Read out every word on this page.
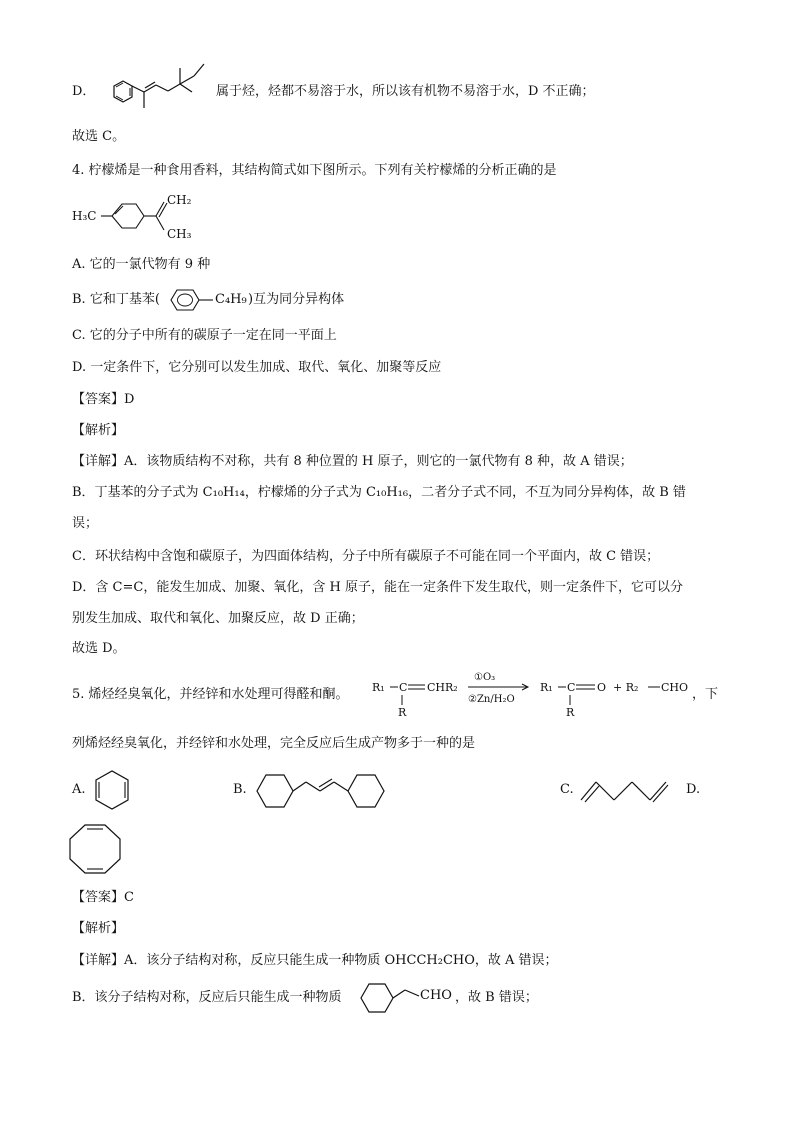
D．	属于烃，烃都不易溶于水，所以该有机物不易溶于水，D 不正确；
故选 C。
4. 柠檬烯是一种食用香料，其结构简式如下图所示。下列有关柠檬烯的分析正确的是
H₃C
CH₂
CH₃
A. 它的一氯代物有 9 种
B. 它和丁基苯(	C₄H₉ )互为同分异构体
C. 它的分子中所有的碳原子一定在同一平面上
D. 一定条件下，它分别可以发生加成、取代、氧化、加聚等反应
【答案】D
【解析】
【详解】A．该物质结构不对称，共有 8 种位置的 H 原子，则它的一氯代物有 8 种，故 A 错误；
B．丁基苯的分子式为 C₁₀H₁₄，柠檬烯的分子式为 C₁₀H₁₆，二者分子式不同，不互为同分异构体，故 B 错
误；
C．环状结构中含饱和碳原子，为四面体结构，分子中所有碳原子不可能在同一个平面内，故 C 错误；
D．含 C=C，能发生加成、加聚、氧化，含 H 原子，能在一定条件下发生取代，则一定条件下，它可以分
别发生加成、取代和氧化、加聚反应，故 D 正确；
故选 D。
5. 烯烃经臭氧化，并经锌和水处理可得醛和酮。 R₁ C
R
CHR₂
①O₃
②Zn/H₂O
R₁ C
R
O + R₂ CHO ，下
列烯烃经臭氧化，并经锌和水处理，完全反应后生成产物多于一种的是
A.	B.	C.	D.
【答案】C
【解析】
【详解】A．该分子结构对称，反应只能生成一种物质 OHCCH₂CHO，故 A 错误；
B．该分子结构对称，反应后只能生成一种物质	CHO ，故 B 错误；
